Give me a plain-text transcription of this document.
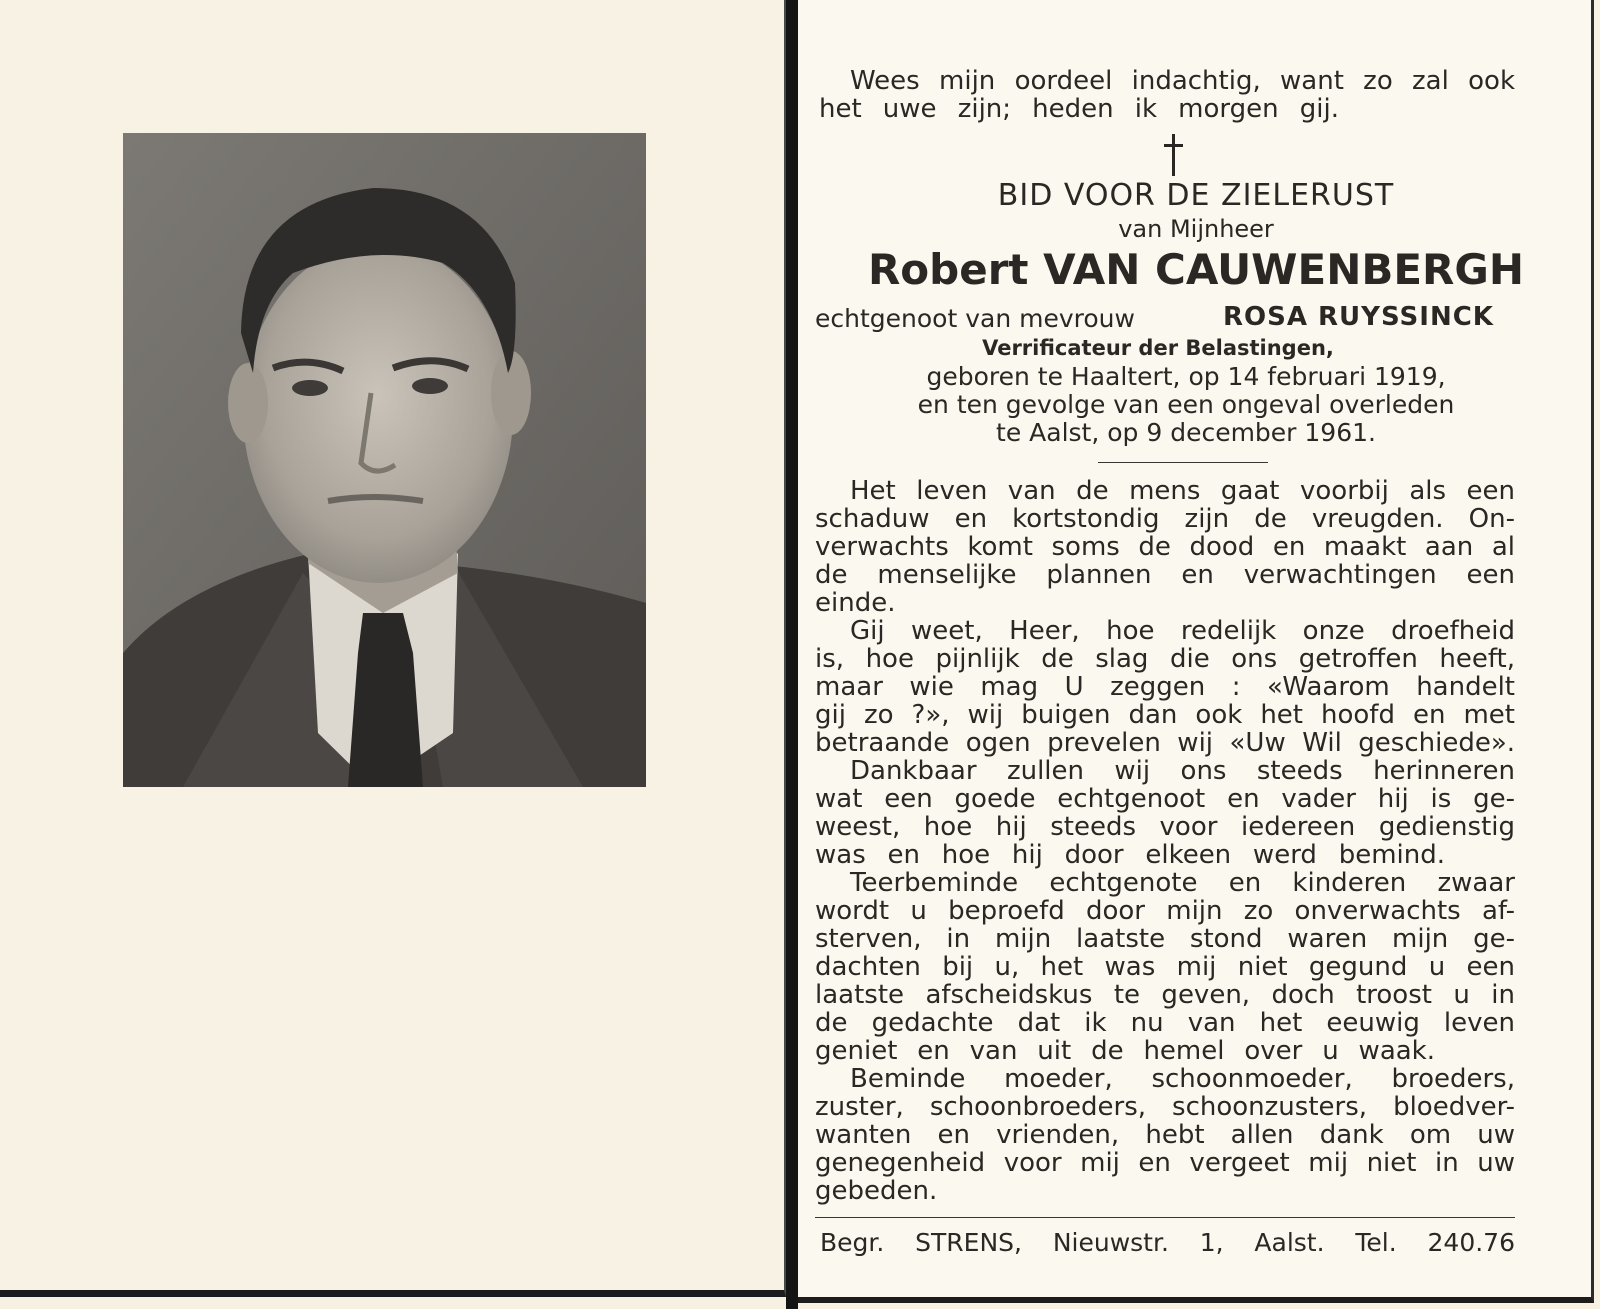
Wees mijn oordeel indachtig, want zo zal ook
het uwe zijn; heden ik morgen gij.
BID VOOR DE ZIELERUST
van Mijnheer
Robert VAN CAUWENBERGH
echtgenoot van mevrouw	ROSA RUYSSINCK
Verrificateur der Belastingen,
geboren te Haaltert, op 14 februari 1919,
en ten gevolge van een ongeval overleden
te Aalst, op 9 december 1961.
Het leven van de mens gaat voorbij als een
schaduw en kortstondig zijn de vreugden. On-
verwachts komt soms de dood en maakt aan al
de menselijke plannen en verwachtingen een
einde.
Gij weet, Heer, hoe redelijk onze droefheid
is, hoe pijnlijk de slag die ons getroffen heeft,
maar wie mag U zeggen : «Waarom handelt
gij zo ?», wij buigen dan ook het hoofd en met
betraande ogen prevelen wij «Uw Wil geschiede».
Dankbaar zullen wij ons steeds herinneren
wat een goede echtgenoot en vader hij is ge-
weest, hoe hij steeds voor iedereen gedienstig
was en hoe hij door elkeen werd bemind.
Teerbeminde echtgenote en kinderen zwaar
wordt u beproefd door mijn zo onverwachts af-
sterven, in mijn laatste stond waren mijn ge-
dachten bij u, het was mij niet gegund u een
laatste afscheidskus te geven, doch troost u in
de gedachte dat ik nu van het eeuwig leven
geniet en van uit de hemel over u waak.
Beminde moeder, schoonmoeder, broeders,
zuster, schoonbroeders, schoonzusters, bloedver-
wanten en vrienden, hebt allen dank om uw
genegenheid voor mij en vergeet mij niet in uw
gebeden.
Begr. STRENS, Nieuwstr. 1, Aalst. Tel. 240.76
